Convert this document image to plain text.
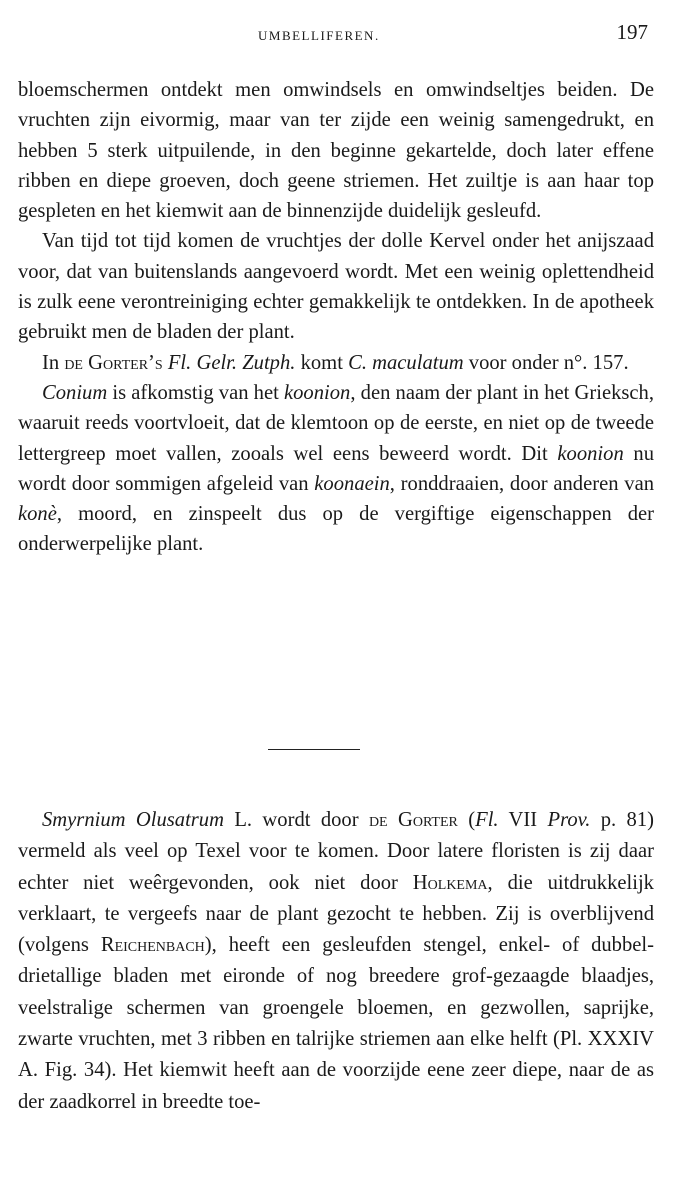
UMBELLIFEREN.	197

bloemschermen ontdekt men omwindsels en omwindseltjes beiden. De vruchten zijn eivormig, maar van ter zijde een weinig samengedrukt, en hebben 5 sterk uitpuilende, in den beginne gekartelde, doch later effene ribben en diepe groeven, doch geene striemen. Het zuiltje is aan haar top gespleten en het kiemwit aan de binnenzijde duidelijk gesleufd.

Van tijd tot tijd komen de vruchtjes der dolle Kervel onder het anijszaad voor, dat van buitenslands aangevoerd wordt. Met een weinig oplettendheid is zulk eene verontreiniging echter gemakkelijk te ontdekken. In de apotheek gebruikt men de bladen der plant.

In de Gorter’s Fl. Gelr. Zutph. komt C. maculatum voor onder n°. 157.

Conium is afkomstig van het koonion, den naam der plant in het Grieksch, waaruit reeds voortvloeit, dat de klemtoon op de eerste, en niet op de tweede lettergreep moet vallen, zooals wel eens beweerd wordt. Dit koonion nu wordt door sommigen afgeleid van koonaein, ronddraaien, door anderen van konè, moord, en zinspeelt dus op de vergiftige eigenschappen der onderwerpelijke plant.

Smyrnium Olusatrum L. wordt door de Gorter (Fl. VII Prov. p. 81) vermeld als veel op Texel voor te komen. Door latere floristen is zij daar echter niet weêrgevonden, ook niet door Holkema, die uitdrukkelijk verklaart, te vergeefs naar de plant gezocht te hebben. Zij is overblijvend (volgens Reichenbach), heeft een gesleufden stengel, enkel- of dubbel-drietallige bladen met eironde of nog breedere grof-gezaagde blaadjes, veelstralige schermen van groengele bloemen, en gezwollen, saprijke, zwarte vruchten, met 3 ribben en talrijke striemen aan elke helft (Pl. XXXIV A. Fig. 34). Het kiemwit heeft aan de voorzijde eene zeer diepe, naar de as der zaadkorrel in breedte toe-
